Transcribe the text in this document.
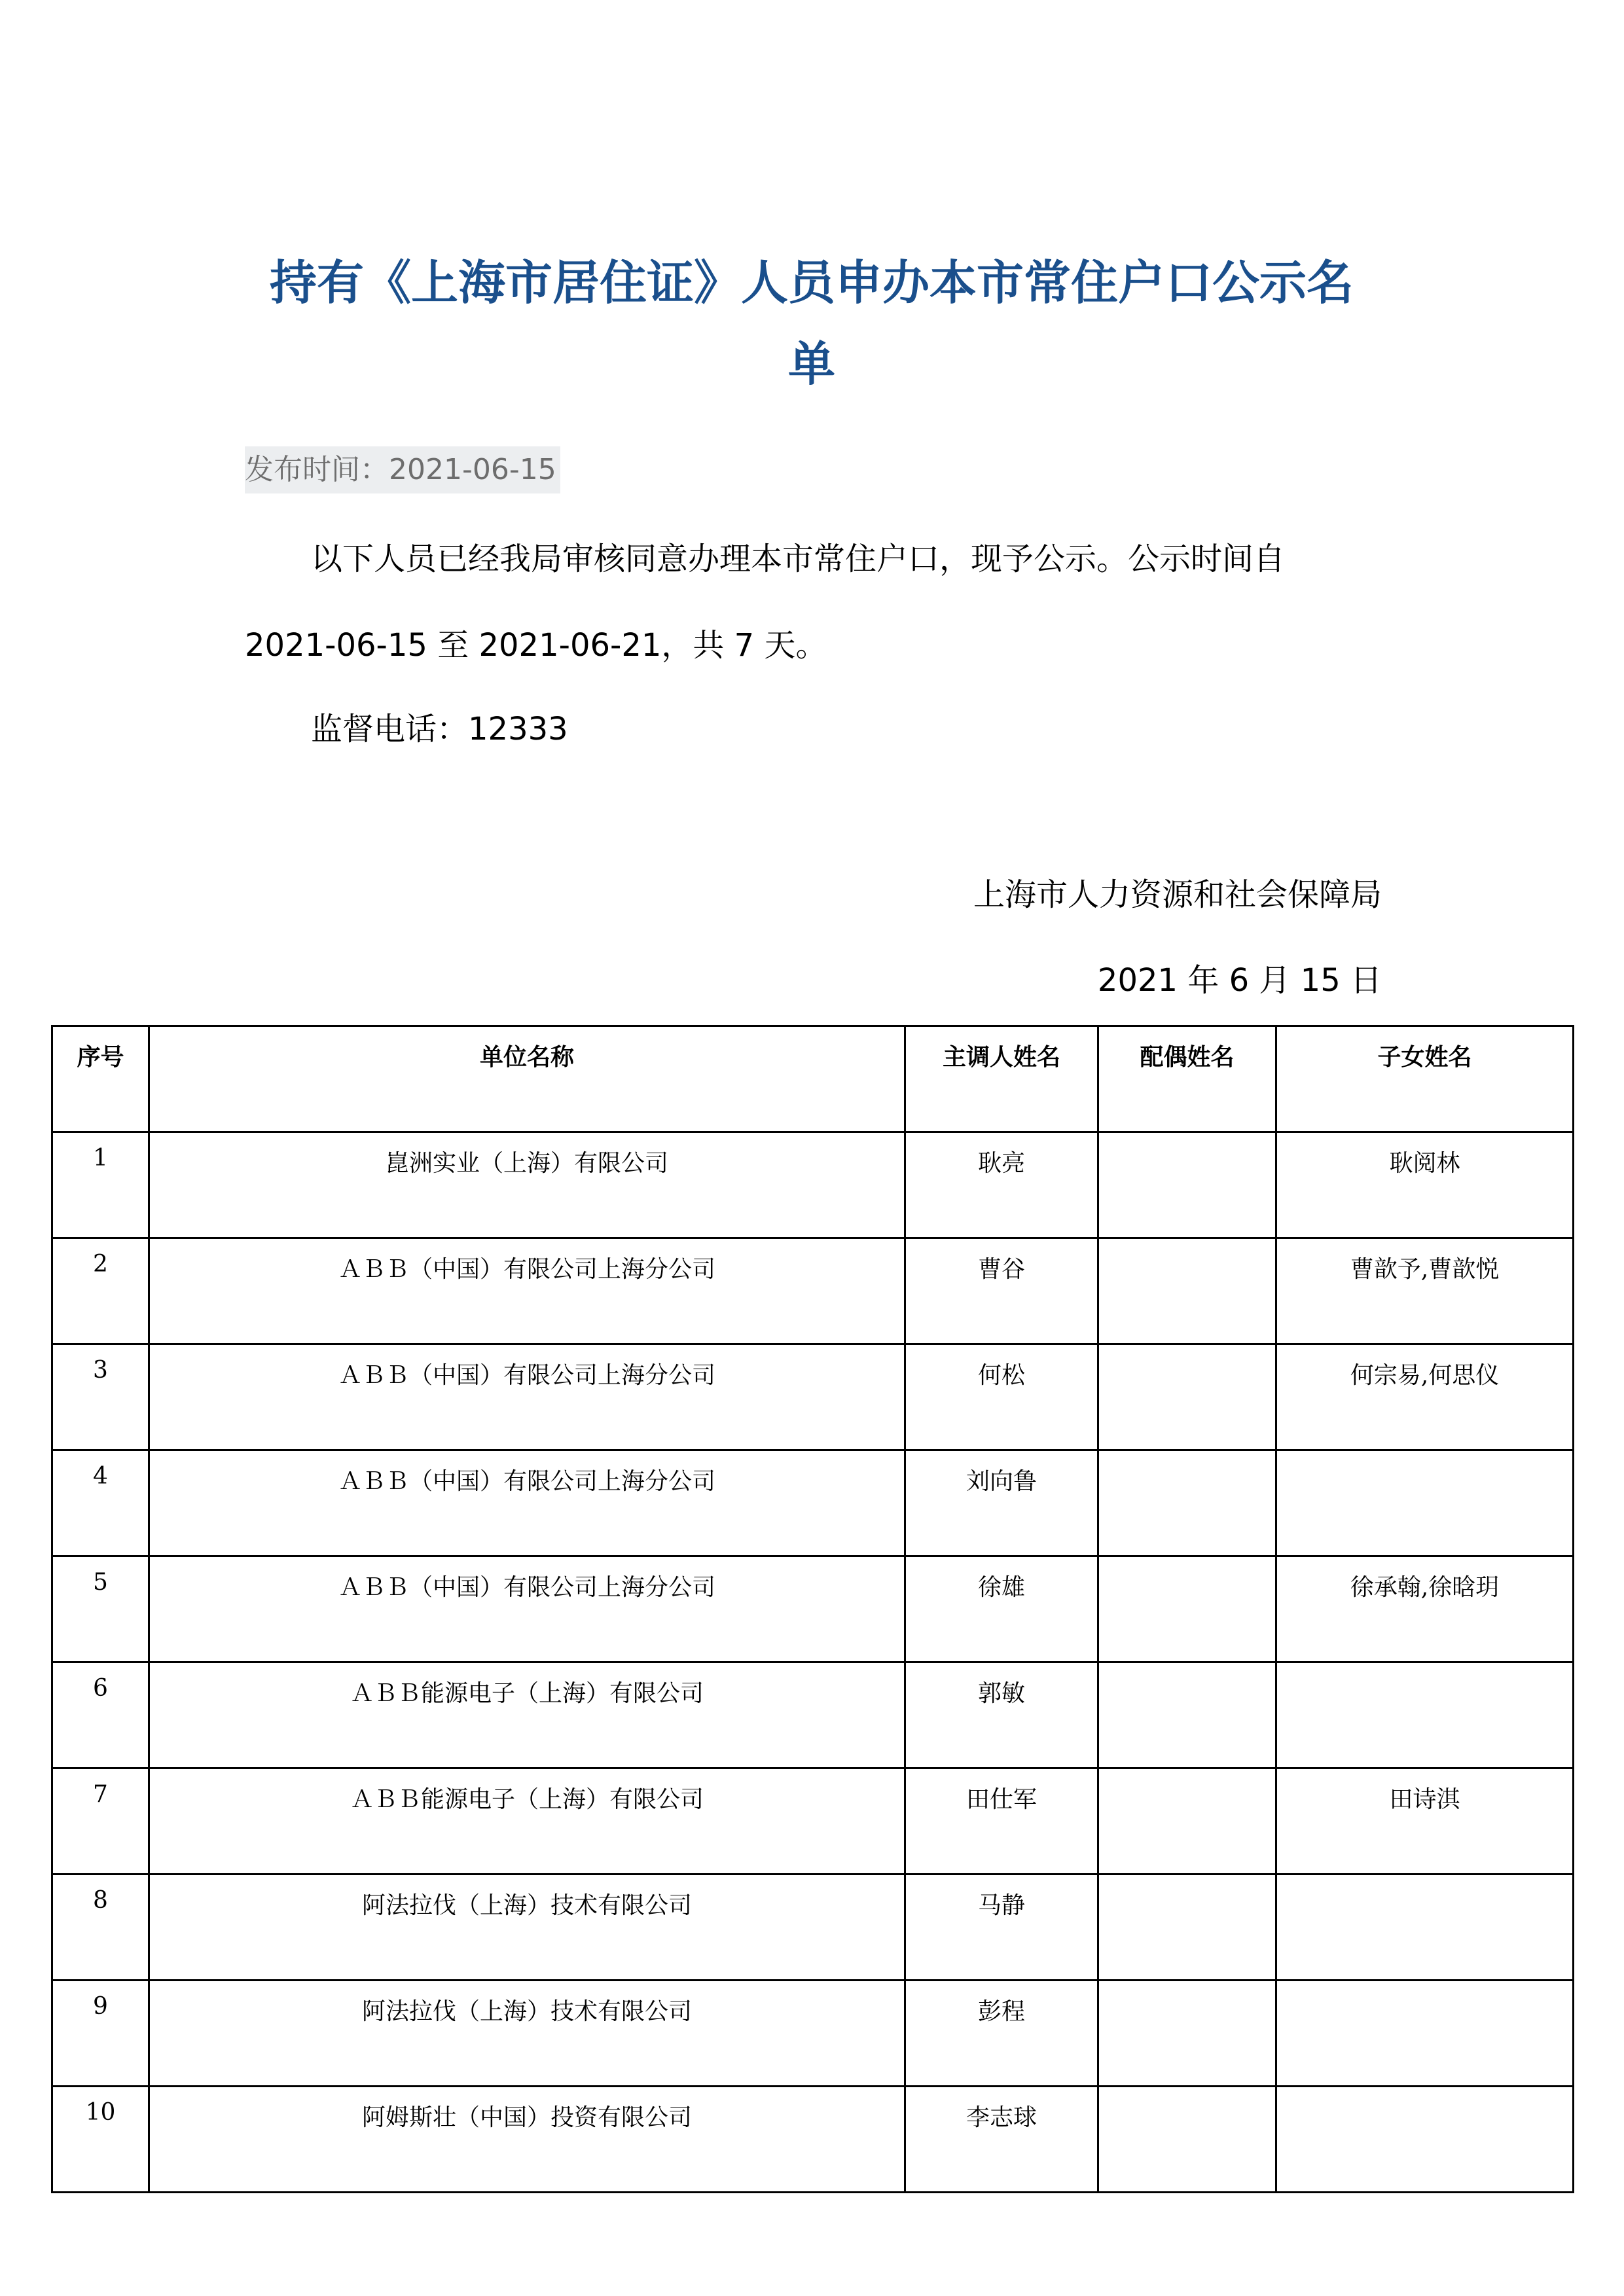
持有《上海市居住证》人员申办本市常住户口公示名
单
发布时间：2021-06-15

以下人员已经我局审核同意办理本市常住户口，现予公示。公示时间自

2021-06-15 至 2021-06-21，共 7 天。

监督电话：12333

上海市人力资源和社会保障局

2021 年 6 月 15 日

序号	单位名称	主调人姓名	配偶姓名	子女姓名
1	崑洲实业（上海）有限公司	耿亮		耿阅林
2	ＡＢＢ（中国）有限公司上海分公司	曹谷		曹歆予,曹歆悦
3	ＡＢＢ（中国）有限公司上海分公司	何松		何宗易,何思仪
4	ＡＢＢ（中国）有限公司上海分公司	刘向鲁		
5	ＡＢＢ（中国）有限公司上海分公司	徐雄		徐承翰,徐晗玥
6	ＡＢＢ能源电子（上海）有限公司	郭敏		
7	ＡＢＢ能源电子（上海）有限公司	田仕军		田诗淇
8	阿法拉伐（上海）技术有限公司	马静		
9	阿法拉伐（上海）技术有限公司	彭程		
10	阿姆斯壮（中国）投资有限公司	李志球		
